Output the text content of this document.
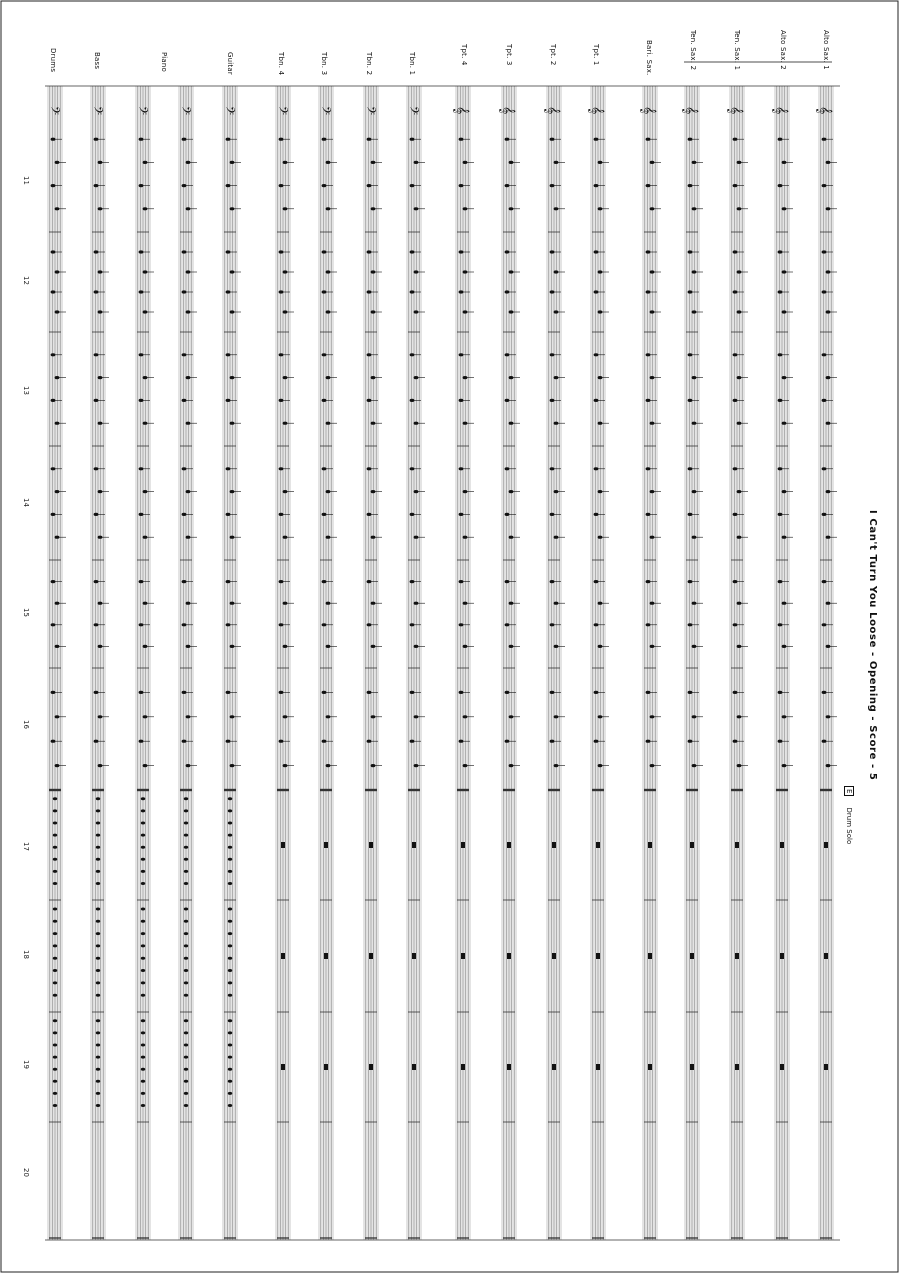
𝄢 𝄢 𝄢 𝄢 𝄢	𝄢 𝄢 𝄢 𝄢 𝄞 𝄞 𝄞 𝄞	𝄞 𝄞 𝄞 𝄞 𝄞
I Can't Turn You Loose - Opening - Score - 5
E Drum Solo
Alto Sax. 1
Alto Sax. 2
Ten. Sax. 1
Ten. Sax. 2
Bari. Sax.
Tpt. 1
Tpt. 2
Tpt. 3
Tpt. 4
Tbn. 1
Tbn. 2
Tbn. 3
Tbn. 4
Guitar
Piano
Bass
Drums
11
12
13
14
15
16
17
18
19
20
